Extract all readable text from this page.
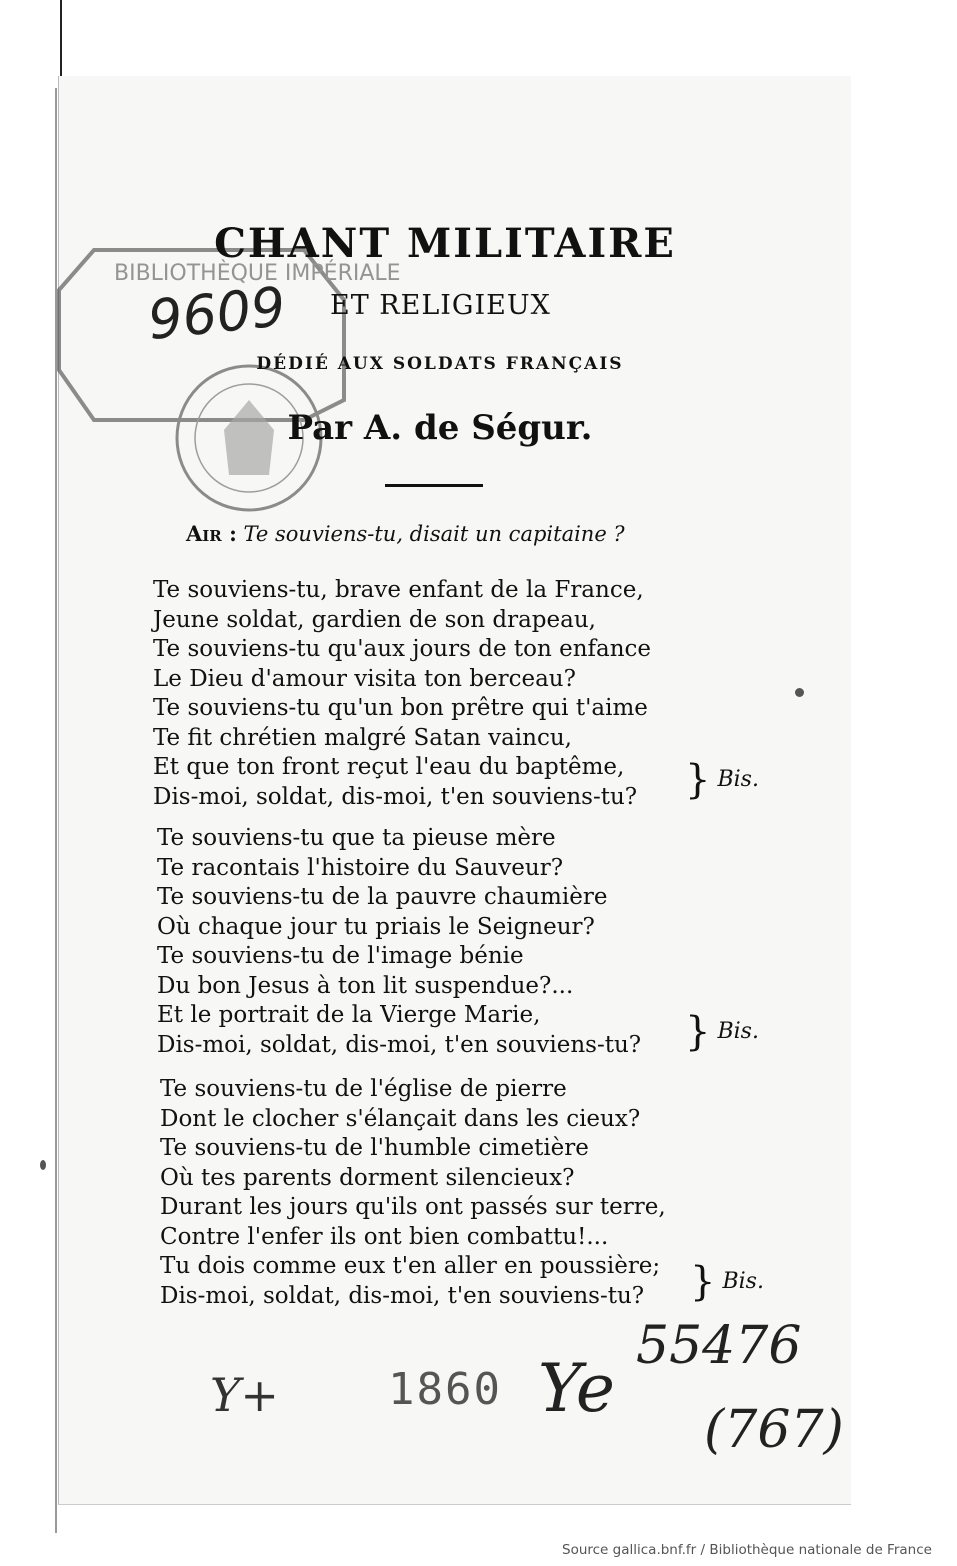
BIBLIOTHÈQUE IMPÉRIALE
9609
CHANT MILITAIRE
ET RELIGIEUX
DÉDIÉ AUX SOLDATS FRANÇAIS
Par A. de Ségur.
Air : Te souviens-tu, disait un capitaine ?
Te souviens-tu, brave enfant de la France,
Jeune soldat, gardien de son drapeau,
Te souviens-tu qu'aux jours de ton enfance
Le Dieu d'amour visita ton berceau?
Te souviens-tu qu'un bon prêtre qui t'aime
Te fit chrétien malgré Satan vaincu,
Et que ton front reçut l'eau du baptême,
Dis-moi, soldat, dis-moi, t'en souviens-tu?	} Bis.
Te souviens-tu que ta pieuse mère
Te racontais l'histoire du Sauveur?
Te souviens-tu de la pauvre chaumière
Où chaque jour tu priais le Seigneur?
Te souviens-tu de l'image bénie
Du bon Jesus à ton lit suspendue?...
Et le portrait de la Vierge Marie,
Dis-moi, soldat, dis-moi, t'en souviens-tu? } Bis.
Te souviens-tu de l'église de pierre
Dont le clocher s'élançait dans les cieux?
Te souviens-tu de l'humble cimetière
Où tes parents dorment silencieux?
Durant les jours qu'ils ont passés sur terre,
Contre l'enfer ils ont bien combattu!...
Tu dois comme eux t'en aller en poussière;
Dis-moi, soldat, dis-moi, t'en souviens-tu?	} Bis.
Y+ 1860 Ye
55476
(767)
Source gallica.bnf.fr / Bibliothèque nationale de France
